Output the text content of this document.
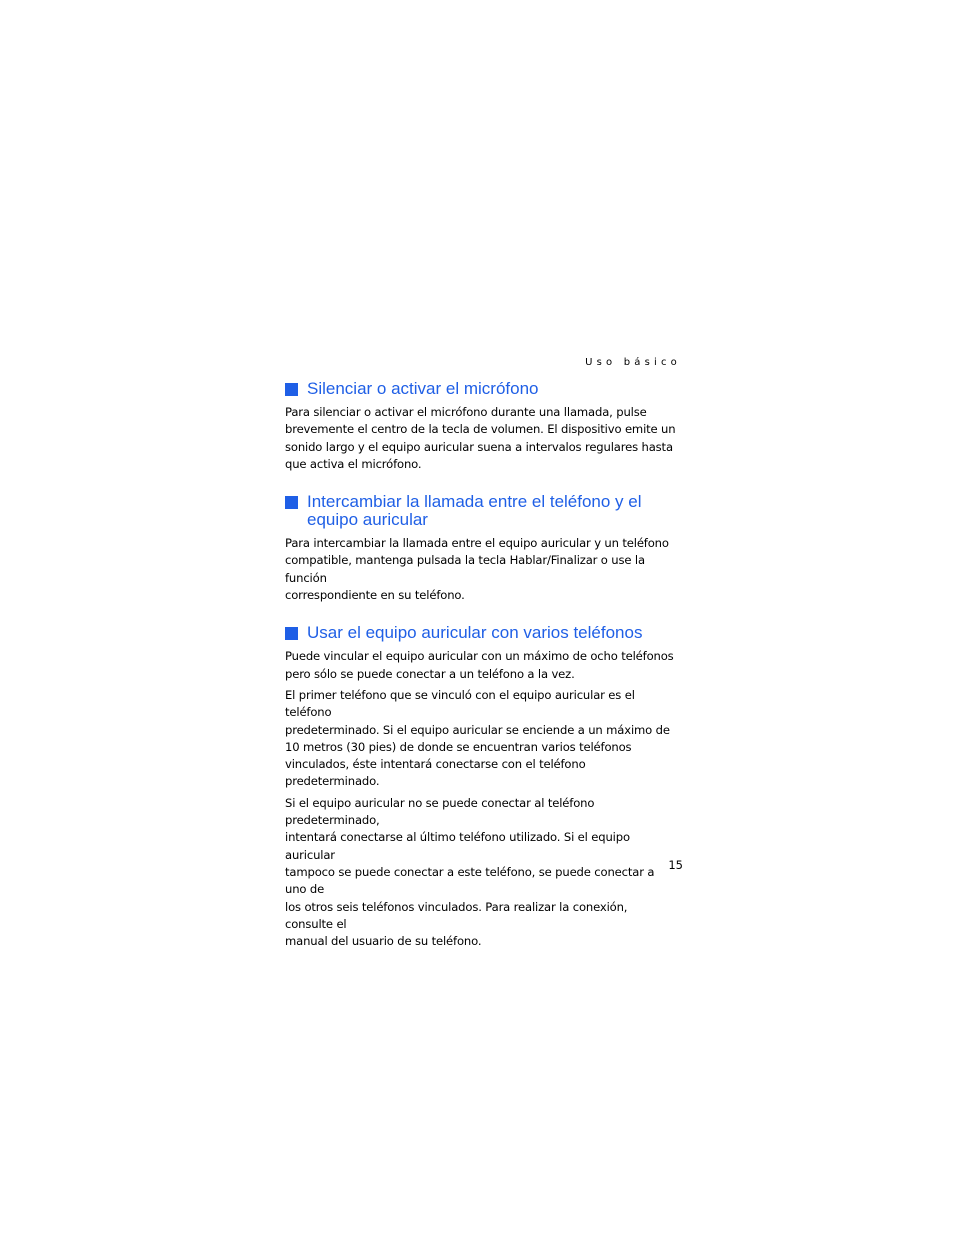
Uso básico
Silenciar o activar el micrófono

Para silenciar o activar el micrófono durante una llamada, pulse
brevemente el centro de la tecla de volumen. El dispositivo emite un
sonido largo y el equipo auricular suena a intervalos regulares hasta
que activa el micrófono.

Intercambiar la llamada entre el teléfono y el
equipo auricular

Para intercambiar la llamada entre el equipo auricular y un teléfono
compatible, mantenga pulsada la tecla Hablar/Finalizar o use la función
correspondiente en su teléfono.

Usar el equipo auricular con varios teléfonos

Puede vincular el equipo auricular con un máximo de ocho teléfonos
pero sólo se puede conectar a un teléfono a la vez.

El primer teléfono que se vinculó con el equipo auricular es el teléfono
predeterminado. Si el equipo auricular se enciende a un máximo de
10 metros (30 pies) de donde se encuentran varios teléfonos
vinculados, éste intentará conectarse con el teléfono predeterminado.

Si el equipo auricular no se puede conectar al teléfono predeterminado,
intentará conectarse al último teléfono utilizado. Si el equipo auricular
tampoco se puede conectar a este teléfono, se puede conectar a uno de
los otros seis teléfonos vinculados. Para realizar la conexión, consulte el
manual del usuario de su teléfono.

15
